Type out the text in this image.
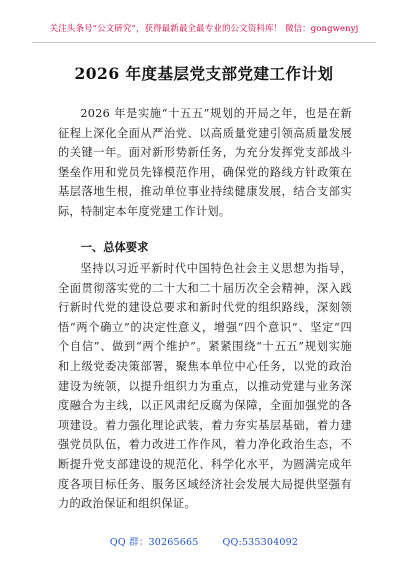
关注头条号“公文研究”，获得最新最全最专业的公文资料库！ 微信：gongwenyj
2026 年度基层党支部党建工作计划

2026 年是实施“十五五”规划的开局之年，也是在新征程上深化全面从严治党、以高质量党建引领高质量发展的关键一年。面对新形势新任务，为充分发挥党支部战斗堡垒作用和党员先锋模范作用，确保党的路线方针政策在基层落地生根，推动单位事业持续健康发展，结合支部实际，特制定本年度党建工作计划。

一、总体要求

坚持以习近平新时代中国特色社会主义思想为指导，全面贯彻落实党的二十大和二十届历次全会精神，深入践行新时代党的建设总要求和新时代党的组织路线，深刻领悟“两个确立”的决定性意义，增强“四个意识”、坚定“四个自信”、做到“两个维护”。紧紧围绕“十五五”规划实施和上级党委决策部署，聚焦本单位中心任务，以党的政治建设为统领，以提升组织力为重点，以推动党建与业务深度融合为主线，以正风肃纪反腐为保障，全面加强党的各项建设。着力强化理论武装，着力夯实基层基础，着力建强党员队伍，着力改进工作作风，着力净化政治生态，不断提升党支部建设的规范化、科学化水平，为圆满完成年度各项目标任务、服务区域经济社会发展大局提供坚强有力的政治保证和组织保证。

QQ 群：30265665	QQ:535304092
